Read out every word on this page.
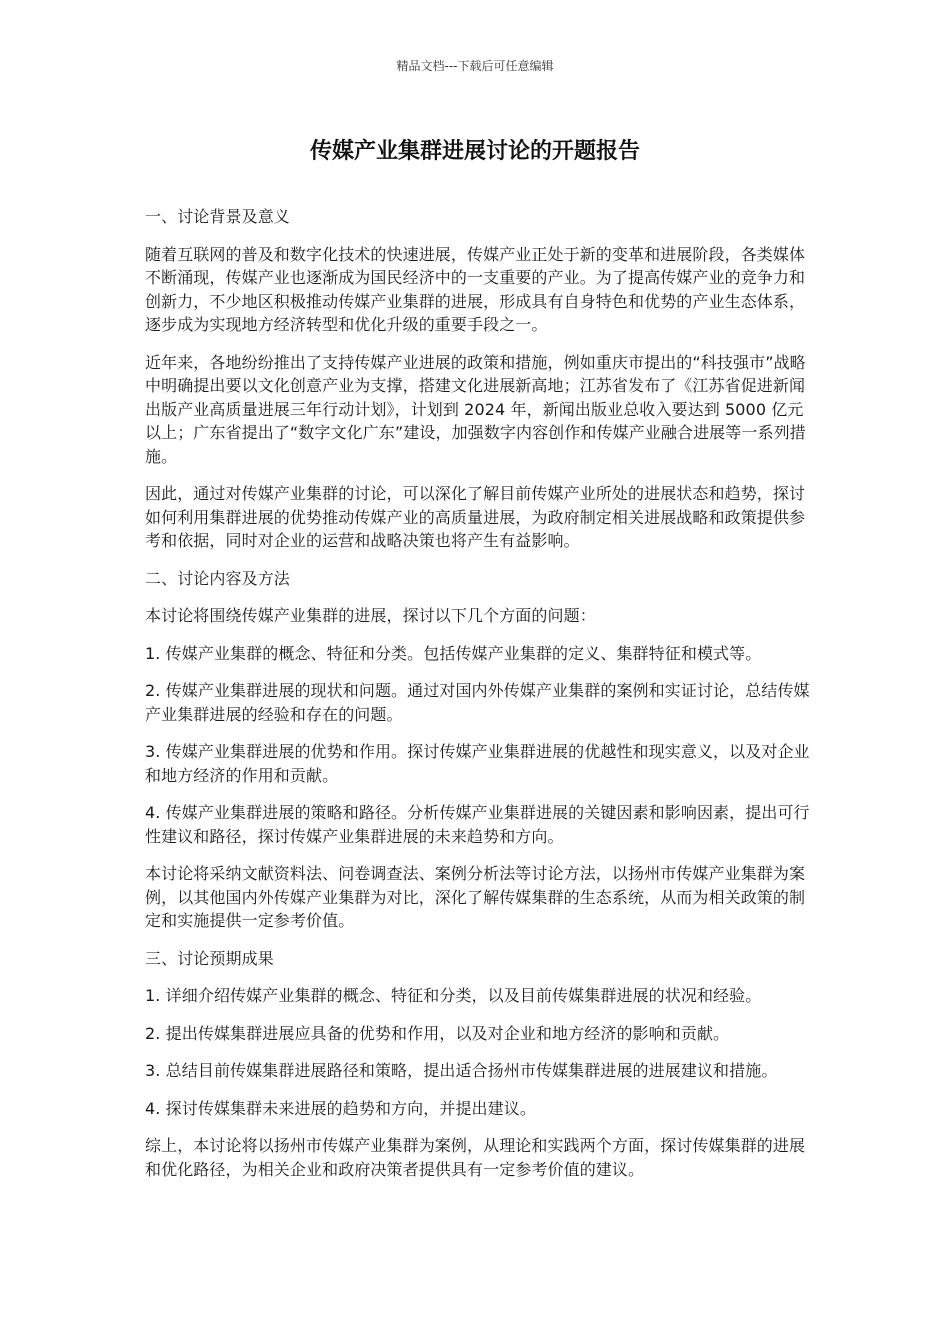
精品文档---下载后可任意编辑
传媒产业集群进展讨论的开题报告

一、讨论背景及意义

随着互联网的普及和数字化技术的快速进展，传媒产业正处于新的变革和进展阶段，各类媒体不断涌现，传媒产业也逐渐成为国民经济中的一支重要的产业。为了提高传媒产业的竞争力和创新力，不少地区积极推动传媒产业集群的进展，形成具有自身特色和优势的产业生态体系，逐步成为实现地方经济转型和优化升级的重要手段之一。

近年来，各地纷纷推出了支持传媒产业进展的政策和措施，例如重庆市提出的“科技强市”战略中明确提出要以文化创意产业为支撑，搭建文化进展新高地；江苏省发布了《江苏省促进新闻出版产业高质量进展三年行动计划》，计划到 2024 年，新闻出版业总收入要达到 5000 亿元以上；广东省提出了“数字文化广东”建设，加强数字内容创作和传媒产业融合进展等一系列措施。

因此，通过对传媒产业集群的讨论，可以深化了解目前传媒产业所处的进展状态和趋势，探讨如何利用集群进展的优势推动传媒产业的高质量进展，为政府制定相关进展战略和政策提供参考和依据，同时对企业的运营和战略决策也将产生有益影响。

二、讨论内容及方法

本讨论将围绕传媒产业集群的进展，探讨以下几个方面的问题：

1. 传媒产业集群的概念、特征和分类。包括传媒产业集群的定义、集群特征和模式等。

2. 传媒产业集群进展的现状和问题。通过对国内外传媒产业集群的案例和实证讨论，总结传媒产业集群进展的经验和存在的问题。

3. 传媒产业集群进展的优势和作用。探讨传媒产业集群进展的优越性和现实意义，以及对企业和地方经济的作用和贡献。

4. 传媒产业集群进展的策略和路径。分析传媒产业集群进展的关键因素和影响因素，提出可行性建议和路径，探讨传媒产业集群进展的未来趋势和方向。

本讨论将采纳文献资料法、问卷调查法、案例分析法等讨论方法，以扬州市传媒产业集群为案例，以其他国内外传媒产业集群为对比，深化了解传媒集群的生态系统，从而为相关政策的制定和实施提供一定参考价值。

三、讨论预期成果

1. 详细介绍传媒产业集群的概念、特征和分类，以及目前传媒集群进展的状况和经验。

2. 提出传媒集群进展应具备的优势和作用，以及对企业和地方经济的影响和贡献。

3. 总结目前传媒集群进展路径和策略，提出适合扬州市传媒集群进展的进展建议和措施。

4. 探讨传媒集群未来进展的趋势和方向，并提出建议。

综上，本讨论将以扬州市传媒产业集群为案例，从理论和实践两个方面，探讨传媒集群的进展和优化路径，为相关企业和政府决策者提供具有一定参考价值的建议。
